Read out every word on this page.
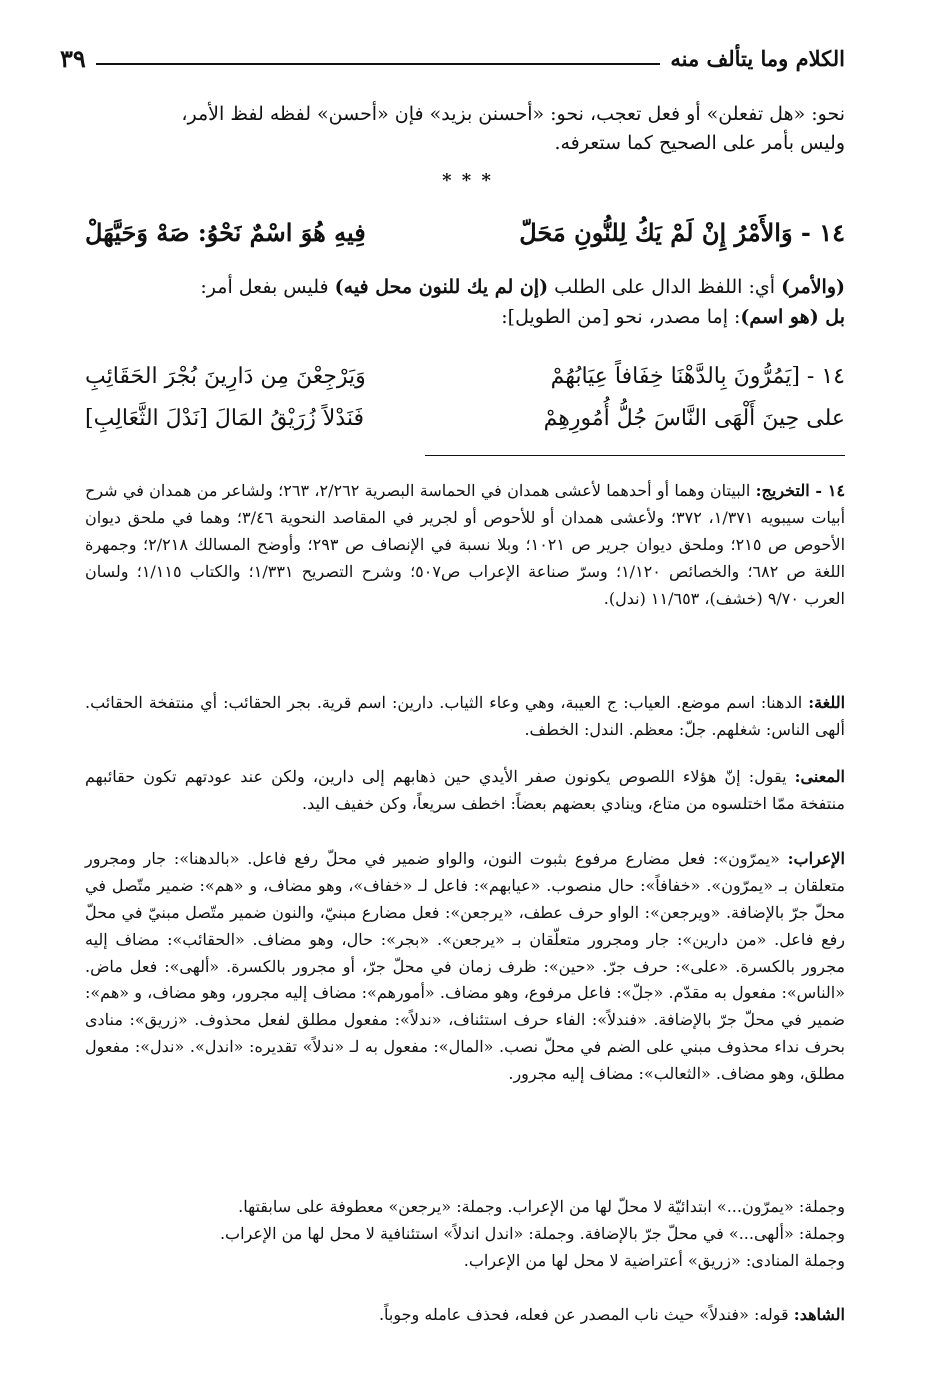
الكلام وما يتألف منه
٣٩
نحو: «هل تفعلن» أو فعل تعجب، نحو: «أحسنن بزيد» فإن «أحسن» لفظه لفظ الأمر،
وليس بأمر على الصحيح كما ستعرفه.
* * *
١٤ - وَالأَمْرُ إِنْ لَمْ يَكُ لِلنُّونِ مَحَلّ
فِيهِ هُوَ اسْمٌ نَحْوُ: صَهْ وَحَيَّهَلْ
(والأمر) أي: اللفظ الدال على الطلب (إن لم يك للنون محل فيه) فليس بفعل أمر:
بل (هو اسم): إما مصدر، نحو [من الطويل]:
١٤ - [يَمُرُّونَ بِالدَّهْنَا خِفَافاً عِيَابُهُمْ
وَيَرْجِعْنَ مِن دَارِينَ بُجْرَ الحَقَائِبِ
على حِينَ أَلْهَى النَّاسَ جُلُّ أُمُورِهِمْ
فَنَدْلاً زُرَيْقُ المَالَ [نَدْلَ الثَّعَالِبِ]
١٤ - التخريج: البيتان وهما أو أحدهما لأعشى همدان في الحماسة البصرية ٢/٢٦٢، ٢٦٣؛ ولشاعر من همدان في شرح أبيات سيبويه ١/٣٧١، ٣٧٢؛ ولأعشى همدان أو للأحوص أو لجرير في المقاصد النحوية ٣/٤٦؛ وهما في ملحق ديوان الأحوص ص ٢١٥؛ وملحق ديوان جرير ص ١٠٢١؛ وبلا نسبة في الإنصاف ص ٢٩٣؛ وأوضح المسالك ٢/٢١٨؛ وجمهرة اللغة ص ٦٨٢؛ والخصائص ١/١٢٠؛ وسرّ صناعة الإعراب ص٥٠٧؛ وشرح التصريح ١/٣٣١؛ والكتاب ١/١١٥؛ ولسان العرب ٩/٧٠ (خشف)، ١١/٦٥٣ (ندل).
اللغة: الدهنا: اسم موضع. العياب: ج العيبة، وهي وعاء الثياب. دارين: اسم قرية. بجر الحقائب: أي منتفخة الحقائب. ألهى الناس: شغلهم. جلّ: معظم. الندل: الخطف.
المعنى: يقول: إنّ هؤلاء اللصوص يكونون صفر الأيدي حين ذهابهم إلى دارين، ولكن عند عودتهم تكون حقائبهم منتفخة ممّا اختلسوه من متاع، وينادي بعضهم بعضاً: اخطف سريعاً، وكن خفيف اليد.
الإعراب: «يمرّون»: فعل مضارع مرفوع بثبوت النون، والواو ضمير في محلّ رفع فاعل. «بالدهنا»: جار ومجرور متعلقان بـ «يمرّون». «خفافاً»: حال منصوب. «عيابهم»: فاعل لـ «خفاف»، وهو مضاف، و «هم»: ضمير متّصل في محلّ جرّ بالإضافة. «ويرجعن»: الواو حرف عطف، «يرجعن»: فعل مضارع مبنيّ، والنون ضمير متّصل مبنيّ في محلّ رفع فاعل. «من دارين»: جار ومجرور متعلّقان بـ «يرجعن». «بجر»: حال، وهو مضاف. «الحقائب»: مضاف إليه مجرور بالكسرة. «على»: حرف جرّ. «حين»: ظرف زمان في محلّ جرّ، أو مجرور بالكسرة. «ألهى»: فعل ماض. «الناس»: مفعول به مقدّم. «جلّ»: فاعل مرفوع، وهو مضاف. «أمورهم»: مضاف إليه مجرور، وهو مضاف، و «هم»: ضمير في محلّ جرّ بالإضافة. «فندلاً»: الفاء حرف استئناف، «ندلاً»: مفعول مطلق لفعل محذوف. «زريق»: منادى بحرف نداء محذوف مبني على الضم في محلّ نصب. «المال»: مفعول به لـ «ندلاً» تقديره: «اندل». «ندل»: مفعول مطلق، وهو مضاف. «الثعالب»: مضاف إليه مجرور.
وجملة: «يمرّون...» ابتدائيّة لا محلّ لها من الإعراب. وجملة: «يرجعن» معطوفة على سابقتها.
وجملة: «ألهى...» في محلّ جرّ بالإضافة. وجملة: «اندل اندلاً» استئنافية لا محل لها من الإعراب.
وجملة المنادى: «زريق» أعتراضية لا محل لها من الإعراب.
الشاهد: قوله: «فندلاً» حيث ناب المصدر عن فعله، فحذف عامله وجوباً.
